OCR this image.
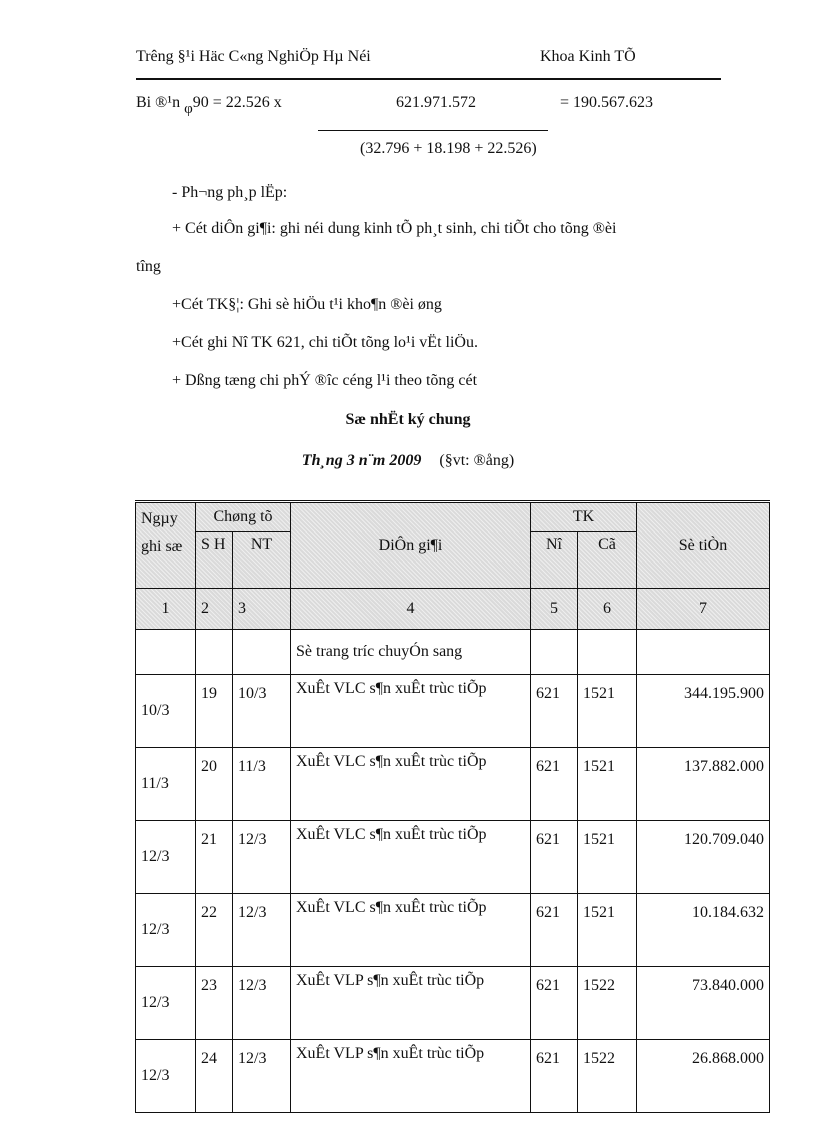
Trêng §¹i Häc C«ng NghiÖp Hµ Néi	Khoa Kinh TÕ
Bi ®¹n $_\varphi$90 = 22.526 x	621.971.572	= 190.567.623
(32.796 + 18.198 + 22.526)
- Ph¬ng ph¸p lËp:
+ Cét diÔn gi¶i: ghi néi dung kinh tÕ ph¸t sinh, chi tiÕt cho tõng ®èi
tîng
+Cét TK§¦: Ghi sè hiÖu t¹i kho¶n ®èi øng
+Cét ghi Nî TK 621, chi tiÕt tõng lo¹i vËt liÖu.
+ Dßng tæng chi phÝ ®îc céng l¹i theo tõng cét
Sæ nhËt ký chung
Th¸ng 3 n¨m 2009 (§vt: ®ång)
Ngµy ghi sæ	Chøng tõ		DiÔn gi¶i	TK		Sè tiÒn
	S H	NT		Nî	Cã	
1	2	3	4	5	6	7
			Sè trang tríc chuyÓn sang			
10/3	19	10/3	XuÊt VLC s¶n xuÊt trùc tiÕp	621	1521	344.195.900
11/3	20	11/3	XuÊt VLC s¶n xuÊt trùc tiÕp	621	1521	137.882.000
12/3	21	12/3	XuÊt VLC s¶n xuÊt trùc tiÕp	621	1521	120.709.040
12/3	22	12/3	XuÊt VLC s¶n xuÊt trùc tiÕp	621	1521	10.184.632
12/3	23	12/3	XuÊt VLP s¶n xuÊt trùc tiÕp	621	1522	73.840.000
12/3	24	12/3	XuÊt VLP s¶n xuÊt trùc tiÕp	621	1522	26.868.000
